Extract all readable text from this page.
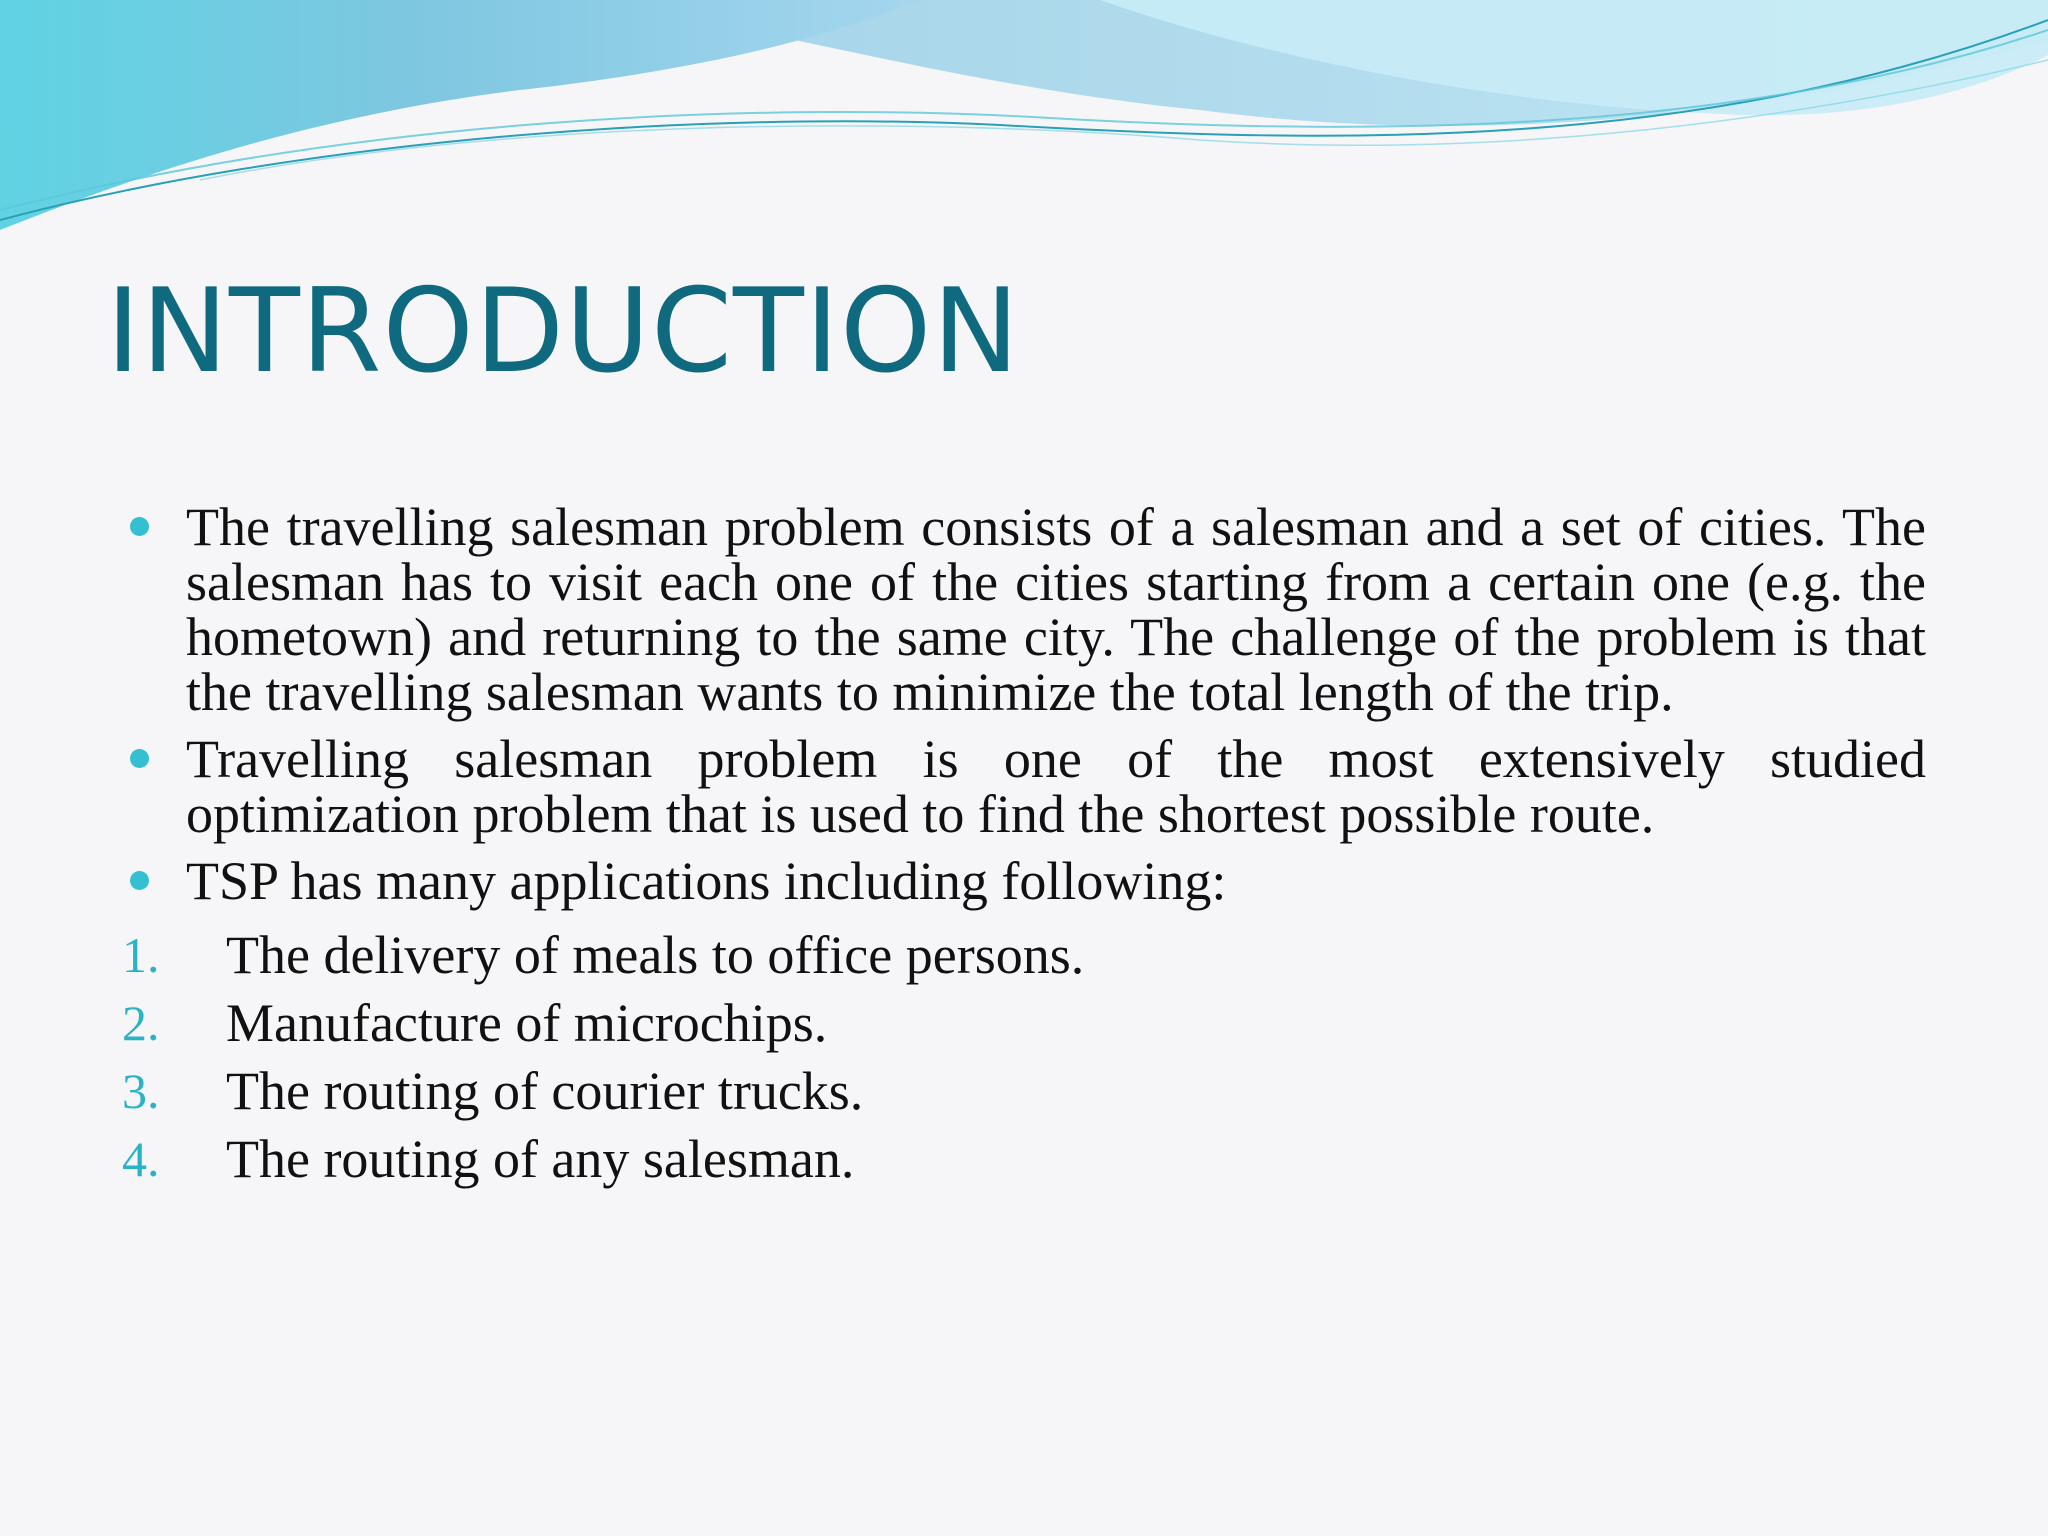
INTRODUCTION
The travelling salesman problem consists of a salesman and a set of cities. The salesman has to visit each one of the cities starting from a certain one (e.g. the hometown) and returning to the same city. The challenge of the problem is that the travelling salesman wants to minimize the total length of the trip.
Travelling salesman problem is one of the most extensively studied optimization problem that is used to find the shortest possible route.
TSP has many applications including following:
1. The delivery of meals to office persons.
2. Manufacture of microchips.
3. The routing of courier trucks.
4. The routing of any salesman.
